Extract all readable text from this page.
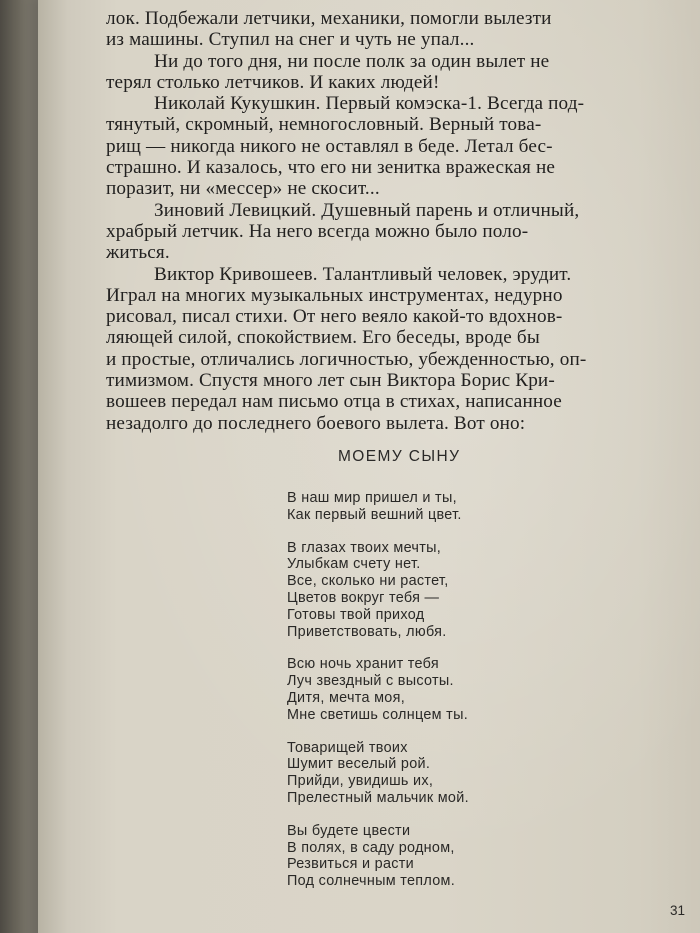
лок. Подбежали летчики, механики, помогли вылезти
из машины. Ступил на снег и чуть не упал...

Ни до того дня, ни после полк за один вылет не
терял столько летчиков. И каких людей!

Николай Кукушкин. Первый комэска-1. Всегда под-
тянутый, скромный, немногословный. Верный това-
рищ — никогда никого не оставлял в беде. Летал бес-
страшно. И казалось, что его ни зенитка вражеская не
поразит, ни «мессер» не скосит...

Зиновий Левицкий. Душевный парень и отличный,
храбрый летчик. На него всегда можно было поло-
житься.

Виктор Кривошеев. Талантливый человек, эрудит.
Играл на многих музыкальных инструментах, недурно
рисовал, писал стихи. От него веяло какой-то вдохнов-
ляющей силой, спокойствием. Его беседы, вроде бы
и простые, отличались логичностью, убежденностью, оп-
тимизмом. Спустя много лет сын Виктора Борис Кри-
вошеев передал нам письмо отца в стихах, написанное
незадолго до последнего боевого вылета. Вот оно:

МОЕМУ СЫНУ
В наш мир пришел и ты,
Как первый вешний цвет.
В глазах твоих мечты,
Улыбкам счету нет.
Все, сколько ни растет,
Цветов вокруг тебя —
Готовы твой приход
Приветствовать, любя.
Всю ночь хранит тебя
Луч звездный с высоты.
Дитя, мечта моя,
Мне светишь солнцем ты.
Товарищей твоих
Шумит веселый рой.
Прийди, увидишь их,
Прелестный мальчик мой.
Вы будете цвести
В полях, в саду родном,
Резвиться и расти
Под солнечным теплом.
31
